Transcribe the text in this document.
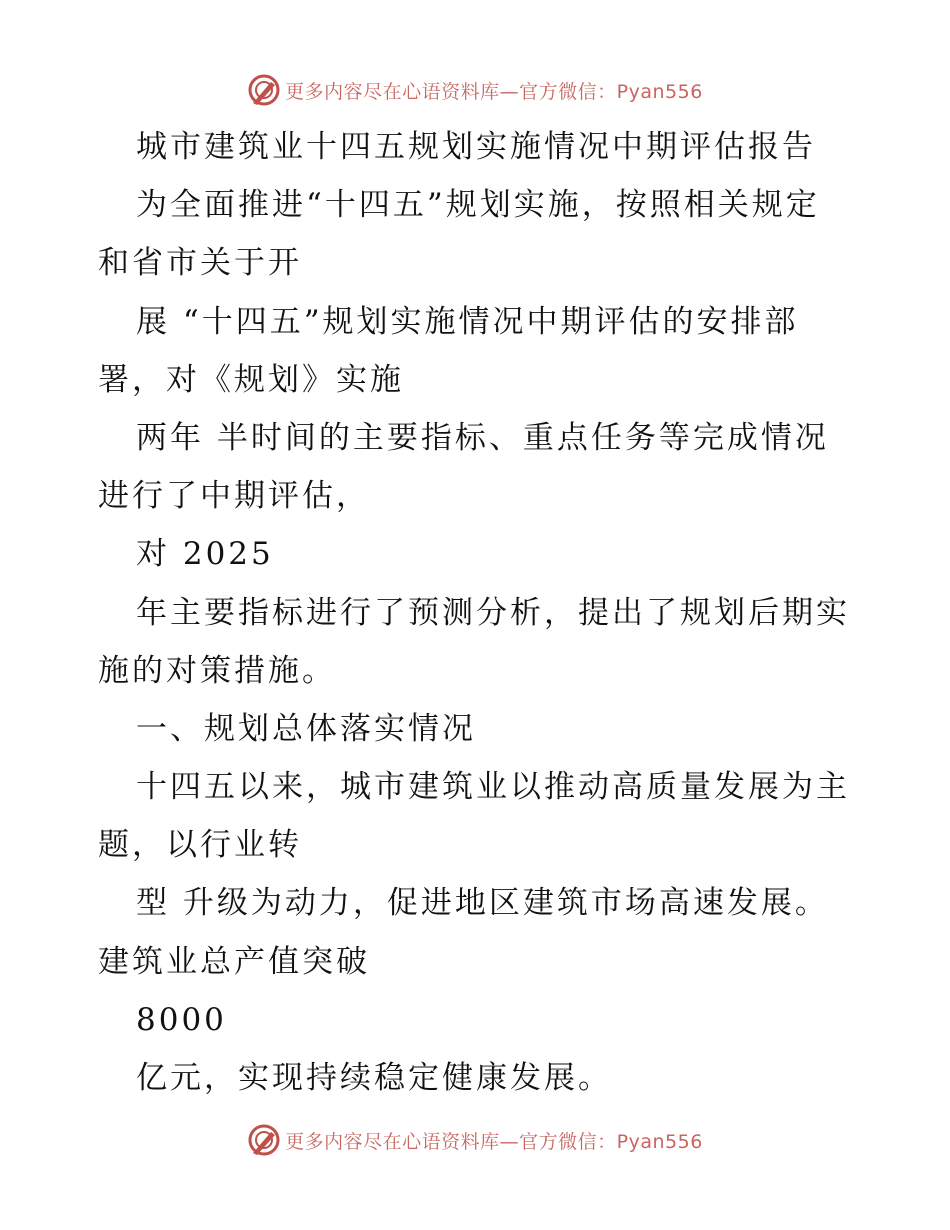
更多内容尽在心语资料库—官方微信：Pyan556
城市建筑业十四五规划实施情况中期评估报告
为全面推进“十四五”规划实施，按照相关规定
和省市关于开
展 “十四五”规划实施情况中期评估的安排部
署，对《规划》实施
两年 半时间的主要指标、重点任务等完成情况
进行了中期评估，
对 2025
年主要指标进行了预测分析，提出了规划后期实
施的对策措施。
一、规划总体落实情况
十四五以来，城市建筑业以推动高质量发展为主
题，以行业转
型 升级为动力，促进地区建筑市场高速发展。
建筑业总产值突破
8000
亿元，实现持续稳定健康发展。
更多内容尽在心语资料库—官方微信：Pyan556
